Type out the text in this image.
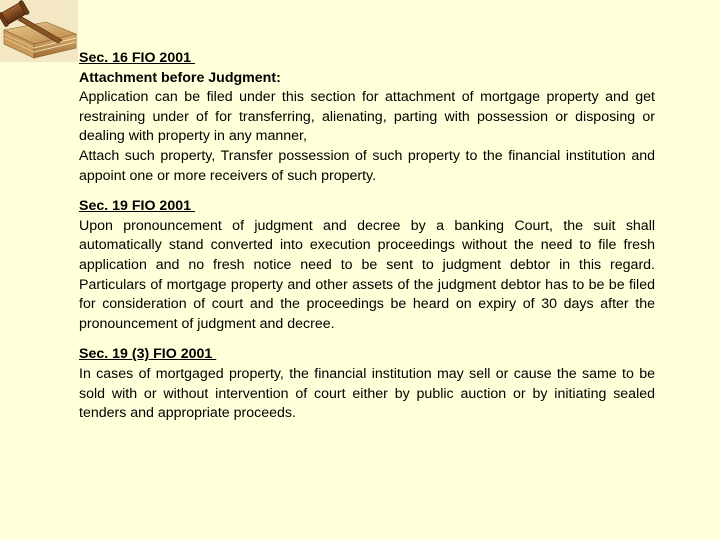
Sec. 16 FIO 2001
Attachment before Judgment:
Application can be filed under this section for attachment of mortgage property and get restraining under of for transferring, alienating, parting with possession or disposing or dealing with property in any manner,
Attach such property, Transfer possession of such property to the financial institution and appoint one or more receivers of such property.
Sec. 19 FIO 2001
Upon pronouncement of judgment and decree by a banking Court, the suit shall automatically stand converted into execution proceedings without the need to file fresh application and no fresh notice need to be sent to judgment debtor in this regard. Particulars of mortgage property and other assets of the judgment debtor has to be be filed for consideration of court and the proceedings be heard on expiry of 30 days after the pronouncement of judgment and decree.
Sec. 19 (3) FIO 2001
In cases of mortgaged property, the financial institution may sell or cause the same to be sold with or without intervention of court either by public auction or by initiating sealed tenders and appropriate proceeds.
